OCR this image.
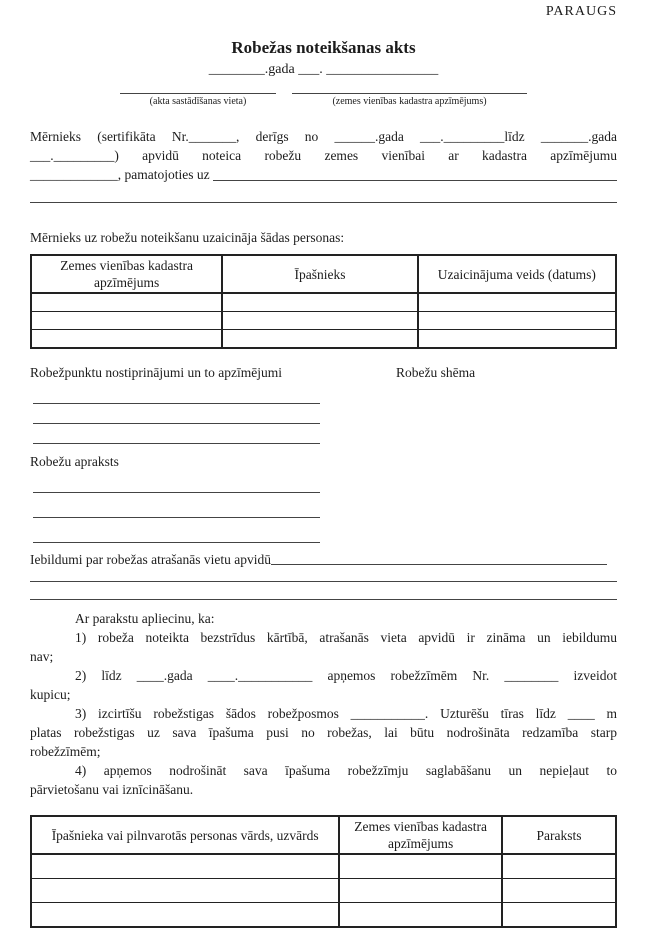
PARAUGS
Robežas noteikšanas akts
________.gada ___. ________________
(akta sastādīšanas vieta)	(zemes vienības kadastra apzīmējums)
Mērnieks (sertifikāta Nr._______, derīgs no ______.gada ___._________līdz _______.gada
___._________) apvidū noteica robežu zemes vienībai ar kadastra apzīmējumu
_____________, pamatojoties uz
Mērnieks uz robežu noteikšanu uzaicināja šādas personas:
Zemes vienības kadastra apzīmējums	Īpašnieks	Uzaicinājuma veids (datums)

Robežpunktu nostiprinājumi un to apzīmējumi
Robežu apraksts
Robežu shēma
Iebildumi par robežas atrašanās vietu apvidū
Ar parakstu apliecinu, ka:
1) robeža noteikta bezstrīdus kārtībā, atrašanās vieta apvidū ir zināma un iebildumu
nav;
2) līdz ____.gada ____.___________ apņemos robežzīmēm Nr. ________ izveidot
kupicu;
3) izcirtīšu robežstigas šādos robežposmos ___________. Uzturēšu tīras līdz ____ m
platas robežstigas uz sava īpašuma pusi no robežas, lai būtu nodrošināta redzamība starp
robežzīmēm;
4) apņemos nodrošināt sava īpašuma robežzīmju saglabāšanu un nepieļaut to
pārvietošanu vai iznīcināšanu.
Īpašnieka vai pilnvarotās personas vārds, uzvārds	Zemes vienības kadastra apzīmējums	Paraksts
